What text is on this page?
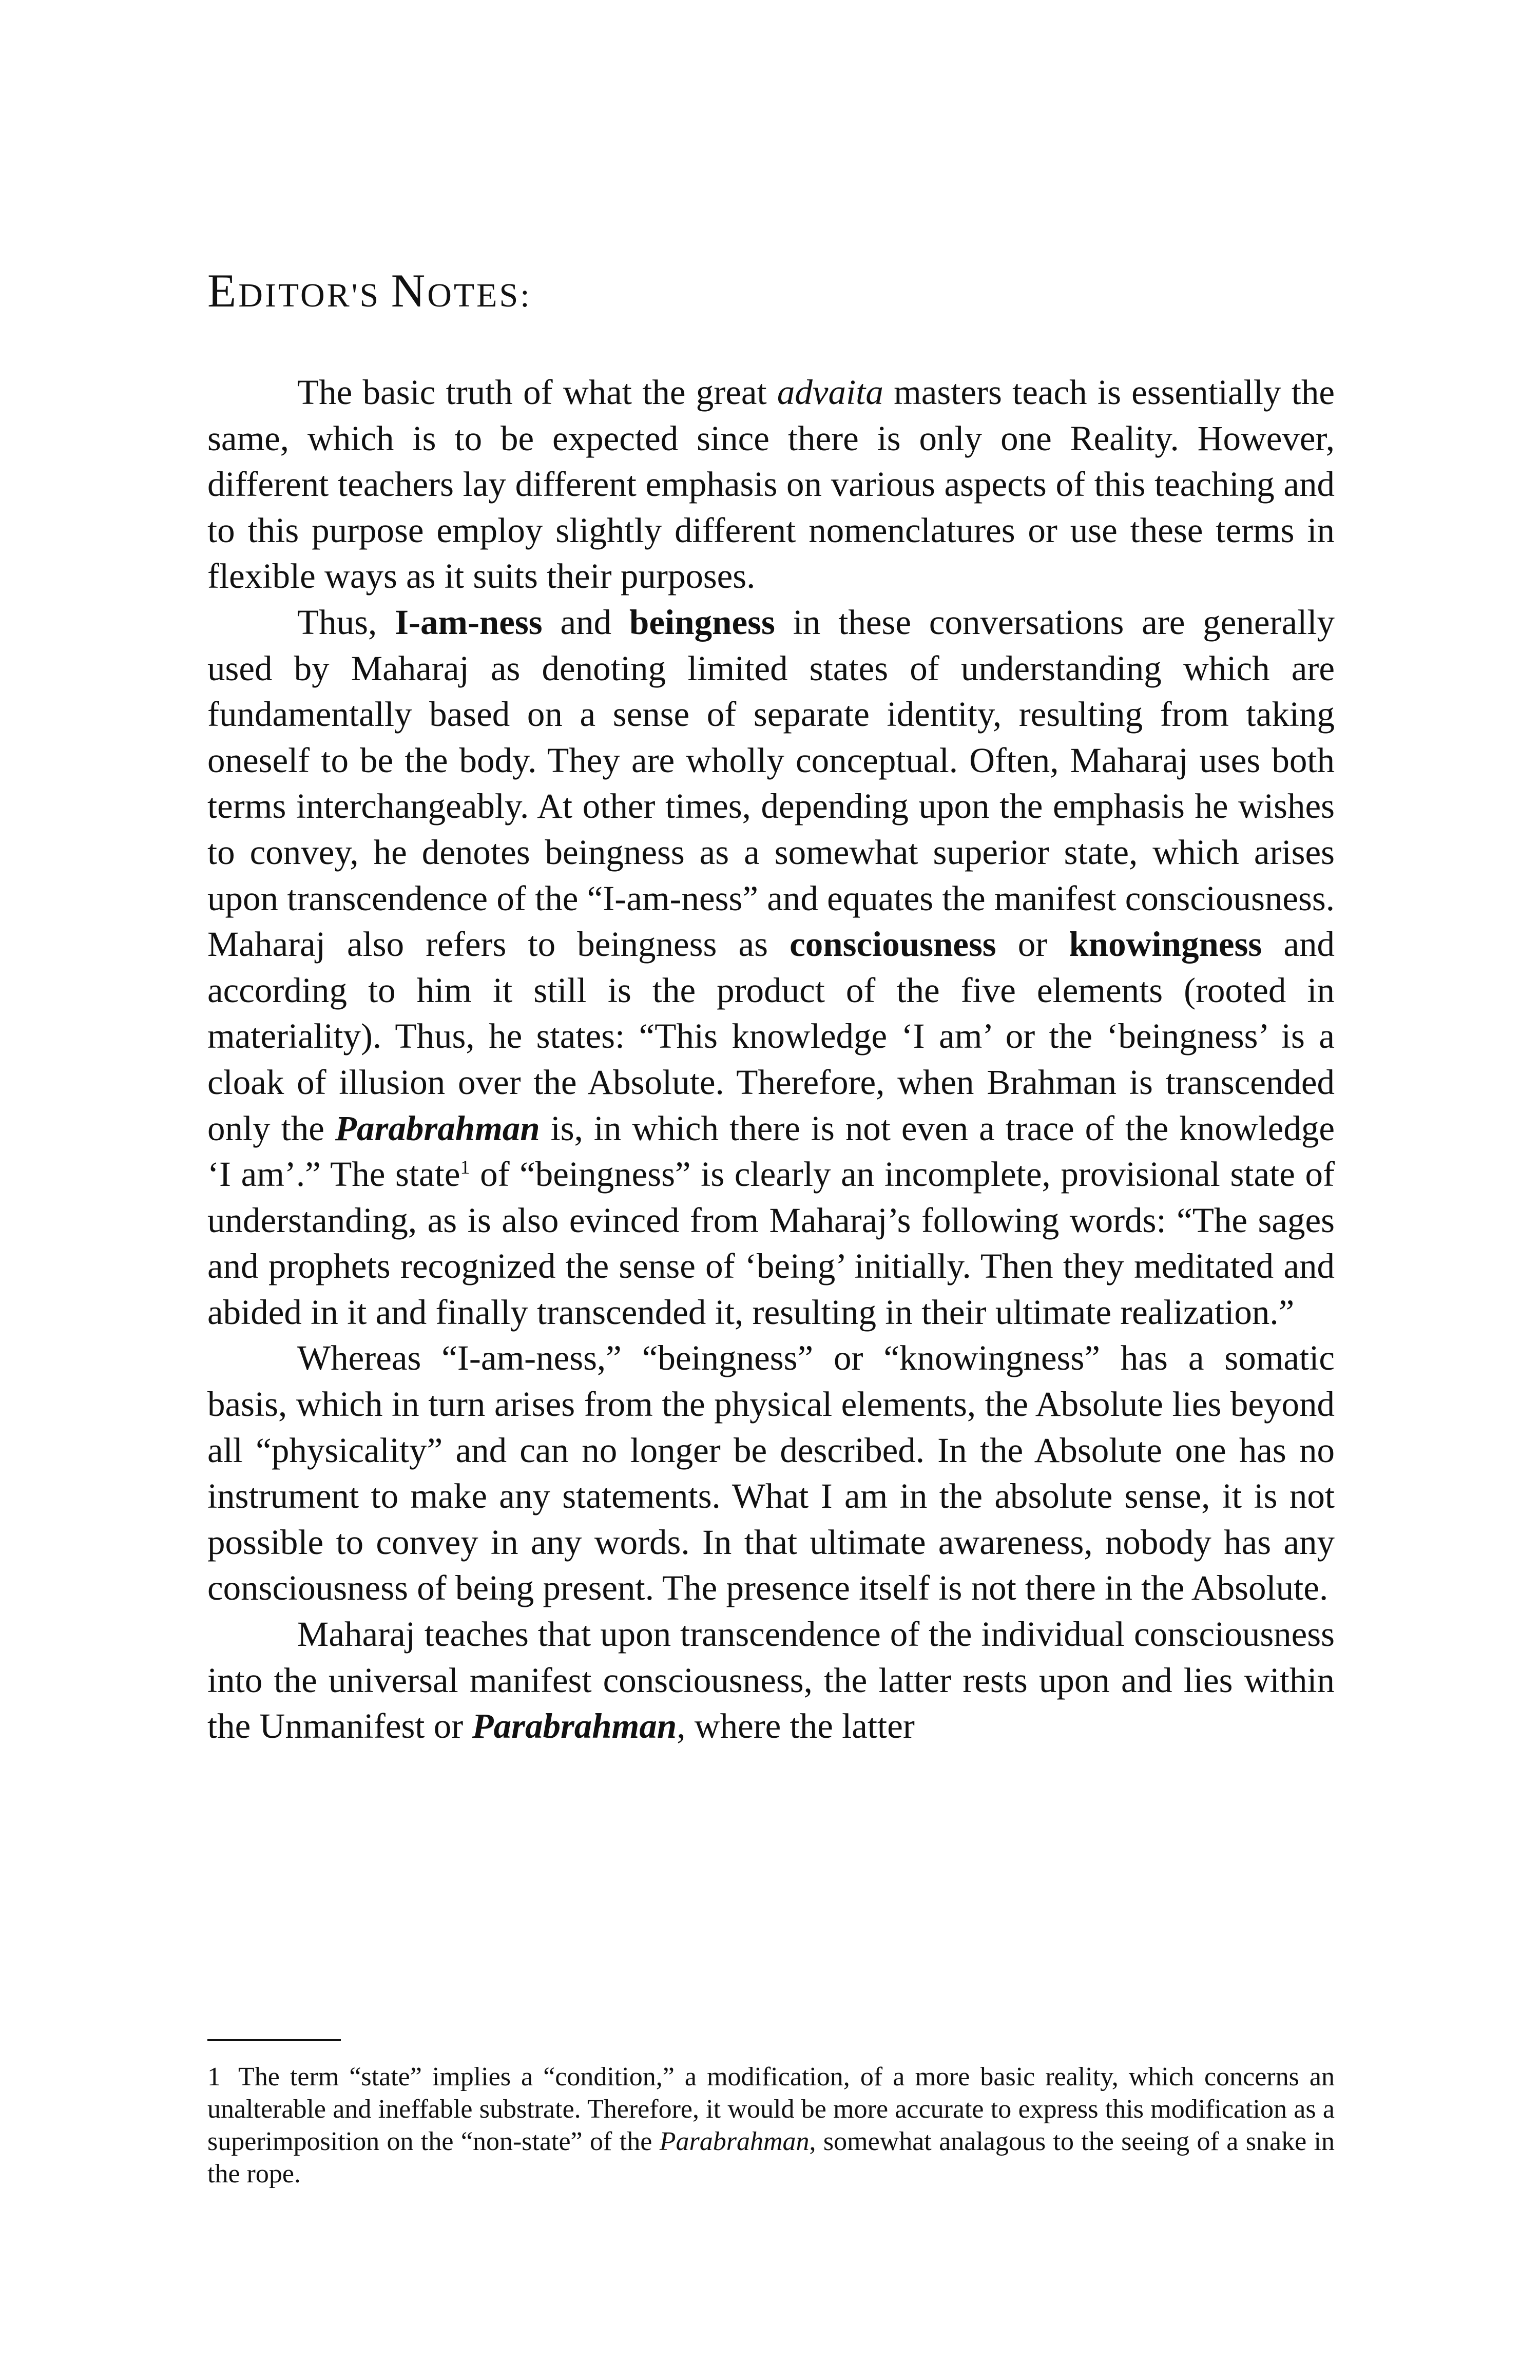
EDITOR'S NOTES:

The basic truth of what the great advaita masters teach is essentially the same, which is to be expected since there is only one Reality. However, different teachers lay different emphasis on various aspects of this teaching and to this purpose employ slightly different nomenclatures or use these terms in flexible ways as it suits their purposes.

Thus, I-am-ness and beingness in these conversations are generally used by Maharaj as denoting limited states of understanding which are fundamentally based on a sense of separate identity, resulting from taking oneself to be the body. They are wholly conceptual. Often, Maharaj uses both terms interchangeably. At other times, depending upon the emphasis he wishes to convey, he denotes beingness as a somewhat superior state, which arises upon transcendence of the “I-am-ness” and equates the manifest consciousness. Maharaj also refers to beingness as consciousness or knowingness and according to him it still is the product of the five elements (rooted in materiality). Thus, he states: “This knowledge ‘I am’ or the ‘beingness’ is a cloak of illusion over the Absolute. Therefore, when Brahman is transcended only the Parabrahman is, in which there is not even a trace of the knowledge ‘I am’.” The state$^1$ of “beingness” is clearly an incomplete, provisional state of understanding, as is also evinced from Maharaj’s following words: “The sages and prophets recognized the sense of ‘being’ initially. Then they meditated and abided in it and finally transcended it, resulting in their ultimate realization.”

Whereas “I-am-ness,” “beingness” or “knowingness” has a somatic basis, which in turn arises from the physical elements, the Absolute lies beyond all “physicality” and can no longer be described. In the Absolute one has no instrument to make any statements. What I am in the absolute sense, it is not possible to convey in any words. In that ultimate awareness, nobody has any consciousness of being present. The presence itself is not there in the Absolute.

Maharaj teaches that upon transcendence of the individual consciousness into the universal manifest consciousness, the latter rests upon and lies within the Unmanifest or Parabrahman, where the latter

1 The term “state” implies a “condition,” a modification, of a more basic reality, which concerns an unalterable and ineffable substrate. Therefore, it would be more accurate to express this modification as a superimposition on the “non-state” of the Parabrahman, somewhat analagous to the seeing of a snake in the rope.
